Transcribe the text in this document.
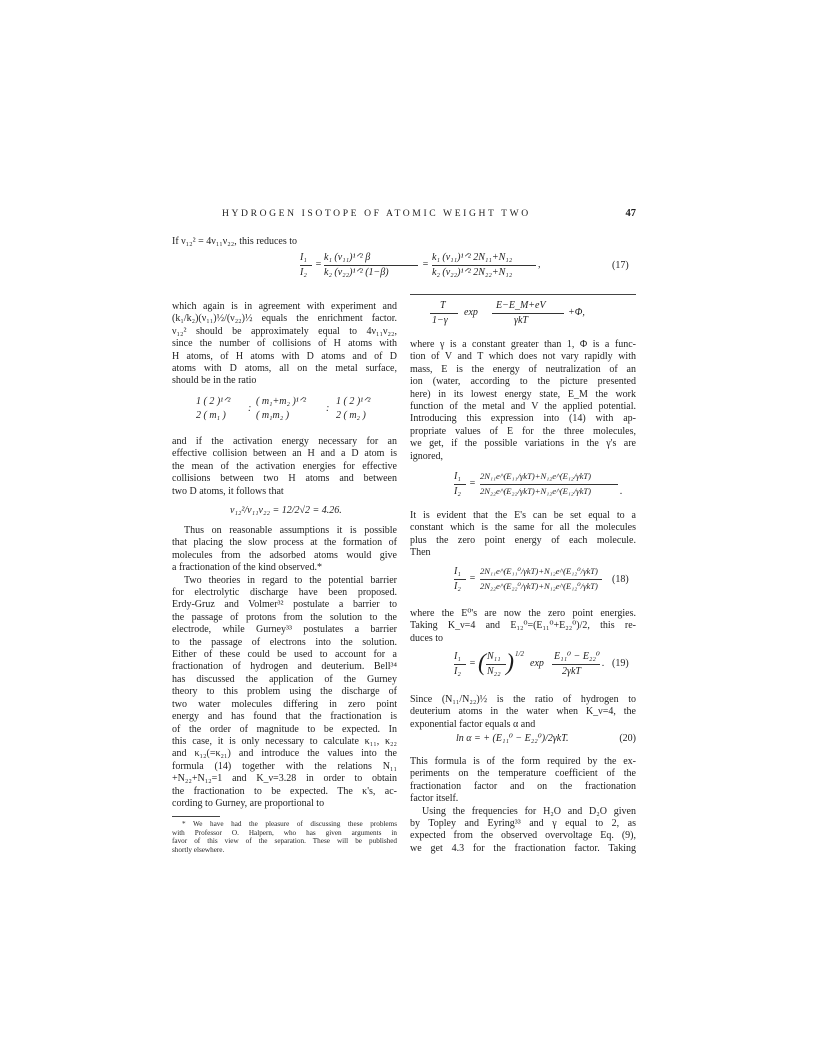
HYDROGEN ISOTOPE OF ATOMIC WEIGHT TWO	47
If ν₁₂² = 4ν₁₁ν₂₂, this reduces to
I₁
I₂
=
k₁ (ν₁₁)¹ᐟ² β
k₂ (ν₂₂)¹ᐟ² (1−β)
=
k₁ (ν₁₁)¹ᐟ² 2N₁₁+N₁₂
k₂ (ν₂₂)¹ᐟ² 2N₂₂+N₁₂
,	(17)
which again is in agreement with experiment and
(k₁/k₂)(ν₁₁)½/(ν₂₂)½ equals the enrichment factor.
ν₁₂² should be approximately equal to 4ν₁₁ν₂₂,
since the number of collisions of H atoms with
H atoms, of H atoms with D atoms and of D
atoms with D atoms, all on the metal surface,
should be in the ratio
1 ( 2 )¹ᐟ²
2 ( m₁ )
:
( m₁+m₂ )¹ᐟ²
( m₁m₂ )
:
1 ( 2 )¹ᐟ²
2 ( m₂ )
and if the activation energy necessary for an
effective collision between an H and a D atom is
the mean of the activation energies for effective
collisions between two H atoms and between
two D atoms, it follows that
ν₁₂²/ν₁₁ν₂₂ = 12/2√2 = 4.26.
Thus on reasonable assumptions it is possible
that placing the slow process at the formation of
molecules from the adsorbed atoms would give
a fractionation of the kind observed.*
Two theories in regard to the potential barrier
for electrolytic discharge have been proposed.
Erdy-Gruz and Volmer³² postulate a barrier to
the passage of protons from the solution to the
electrode, while Gurney³³ postulates a barrier
to the passage of electrons into the solution.
Either of these could be used to account for a
fractionation of hydrogen and deuterium. Bell³⁴
has discussed the application of the Gurney
theory to this problem using the discharge of
two water molecules differing in zero point
energy and has found that the fractionation is
of the order of magnitude to be expected. In
this case, it is only necessary to calculate κ₁₁, κ₂₂
and κ₁₂(=κ₂₁) and introduce the values into the
formula (14) together with the relations N₁₁
+N₂₂+N₁₂=1 and K_ν=3.28 in order to obtain
the fractionation to be expected. The κ's, ac-
cording to Gurney, are proportional to
* We have had the pleasure of discussing these problems
with Professor O. Halpern, who has given arguments in
favor of this view of the separation. These will be published
shortly elsewhere.
T
1−γ
exp
E−E_M+eV
γkT
+Φ,
where γ is a constant greater than 1, Φ is a func-
tion of V and T which does not vary rapidly with
mass, E is the energy of neutralization of an
ion (water, according to the picture presented
here) in its lowest energy state, E_M the work
function of the metal and V the applied potential.
Introducing this expression into (14) with ap-
propriate values of E for the three molecules,
we get, if the possible variations in the γ's are
ignored,
I₁
I₂
=
2N₁₁e^(E₁₁/γkT)+N₁₂e^(E₁₂/γkT)
2N₂₂e^(E₂₂/γkT)+N₁₂e^(E₁₂/γkT)	.
It is evident that the E's can be set equal to a
constant which is the same for all the molecules
plus the zero point energy of each molecule.
Then
I₁
I₂
=
2N₁₁e^(E₁₁⁰/γkT)+N₁₂e^(E₁₂⁰/γkT)
2N₂₂e^(E₂₂⁰/γkT)+N₁₂e^(E₁₂⁰/γkT)
(18)
where the E⁰'s are now the zero point energies.
Taking K_ν=4 and E₁₂⁰=(E₁₁⁰+E₂₂⁰)/2, this re-
duces to
I₁
I₂
= ( N₁₁
N₂₂ ) 1/2
exp
E₁₁⁰ − E₂₂⁰
2γkT
. (19)
Since (N₁₁/N₂₂)½ is the ratio of hydrogen to
deuterium atoms in the water when K_ν=4, the
exponential factor equals α and
ln α = + (E₁₁⁰ − E₂₂⁰)/2γkT.	(20)
This formula is of the form required by the ex-
periments on the temperature coefficient of the
fractionation factor and on the fractionation
factor itself.
Using the frequencies for H₂O and D₂O given
by Topley and Eyring³³ and γ equal to 2, as
expected from the observed overvoltage Eq. (9),
we get 4.3 for the fractionation factor. Taking
